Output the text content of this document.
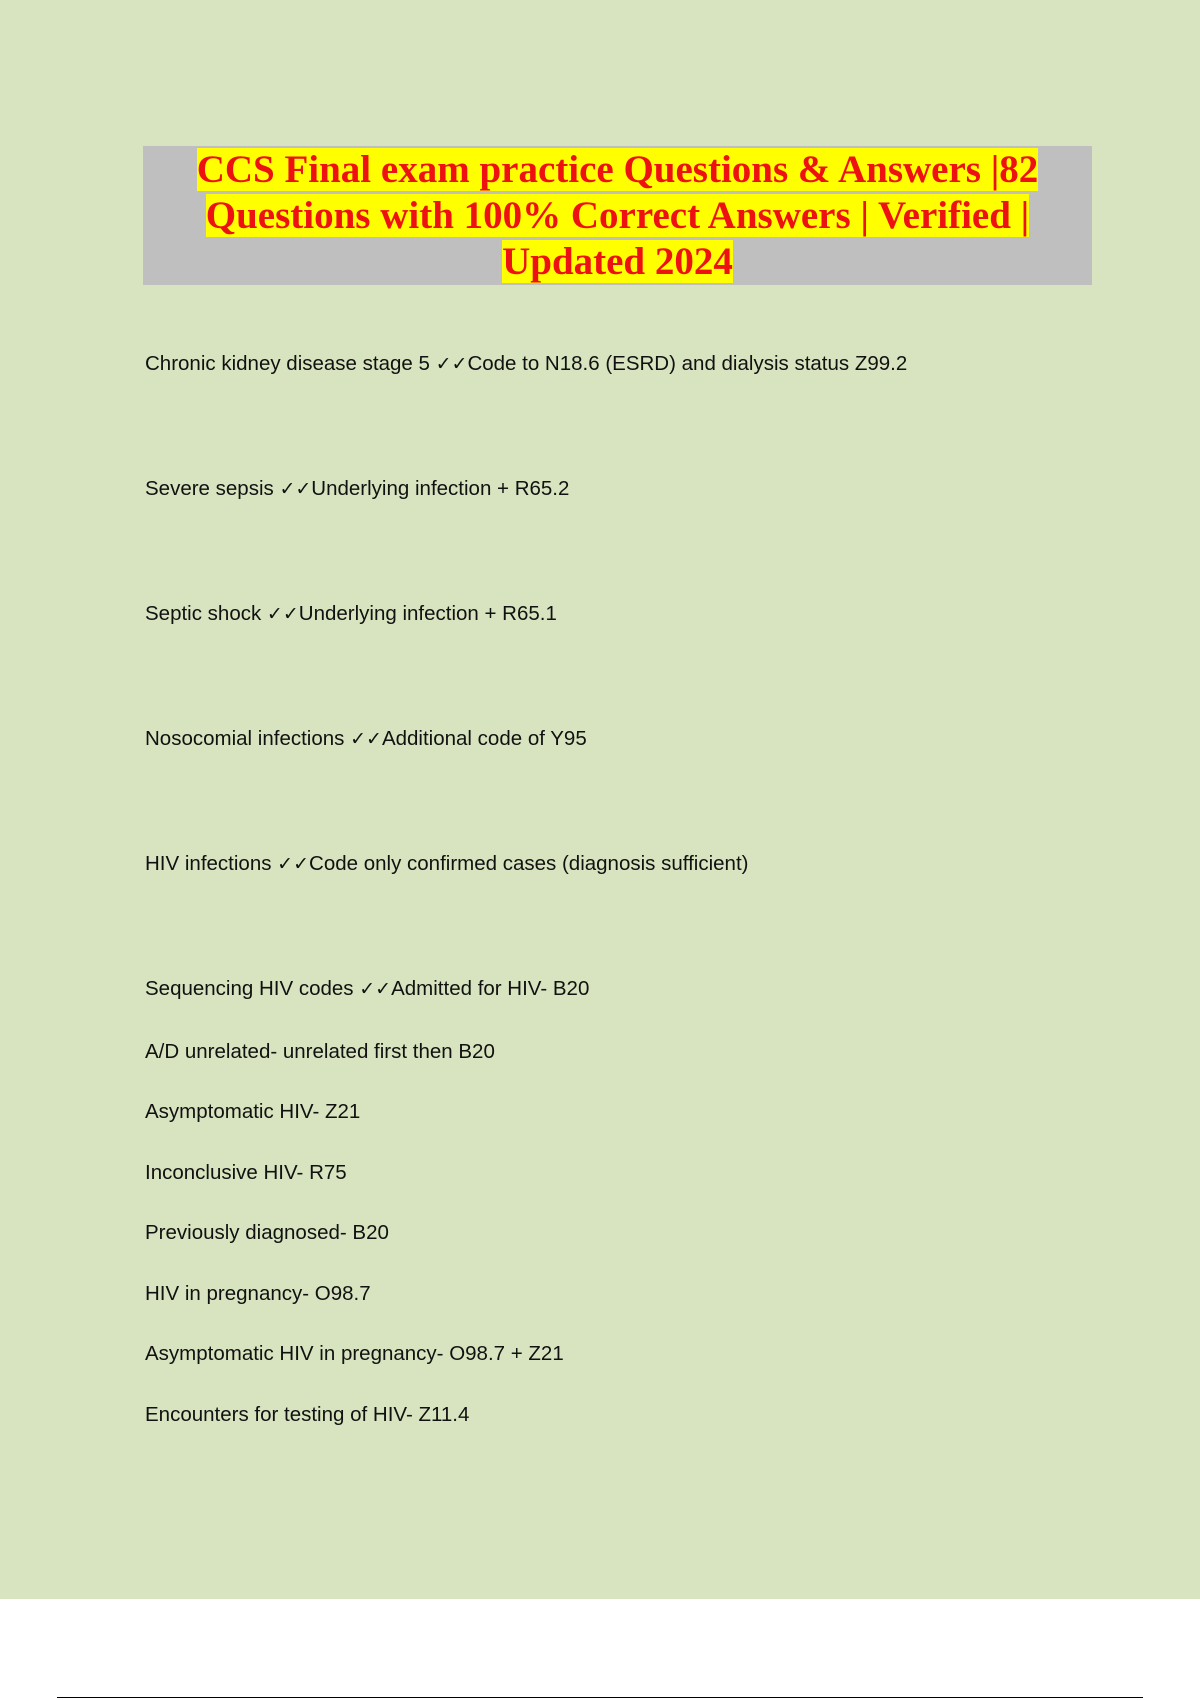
CCS Final exam practice Questions & Answers |82
Questions with 100% Correct Answers | Verified |
Updated 2024
Chronic kidney disease stage 5 ✓✓Code to N18.6 (ESRD) and dialysis status Z99.2
Severe sepsis ✓✓Underlying infection + R65.2
Septic shock ✓✓Underlying infection + R65.1
Nosocomial infections ✓✓Additional code of Y95
HIV infections ✓✓Code only confirmed cases (diagnosis sufficient)
Sequencing HIV codes ✓✓Admitted for HIV- B20
A/D unrelated- unrelated first then B20
Asymptomatic HIV- Z21
Inconclusive HIV- R75
Previously diagnosed- B20
HIV in pregnancy- O98.7
Asymptomatic HIV in pregnancy- O98.7 + Z21
Encounters for testing of HIV- Z11.4
